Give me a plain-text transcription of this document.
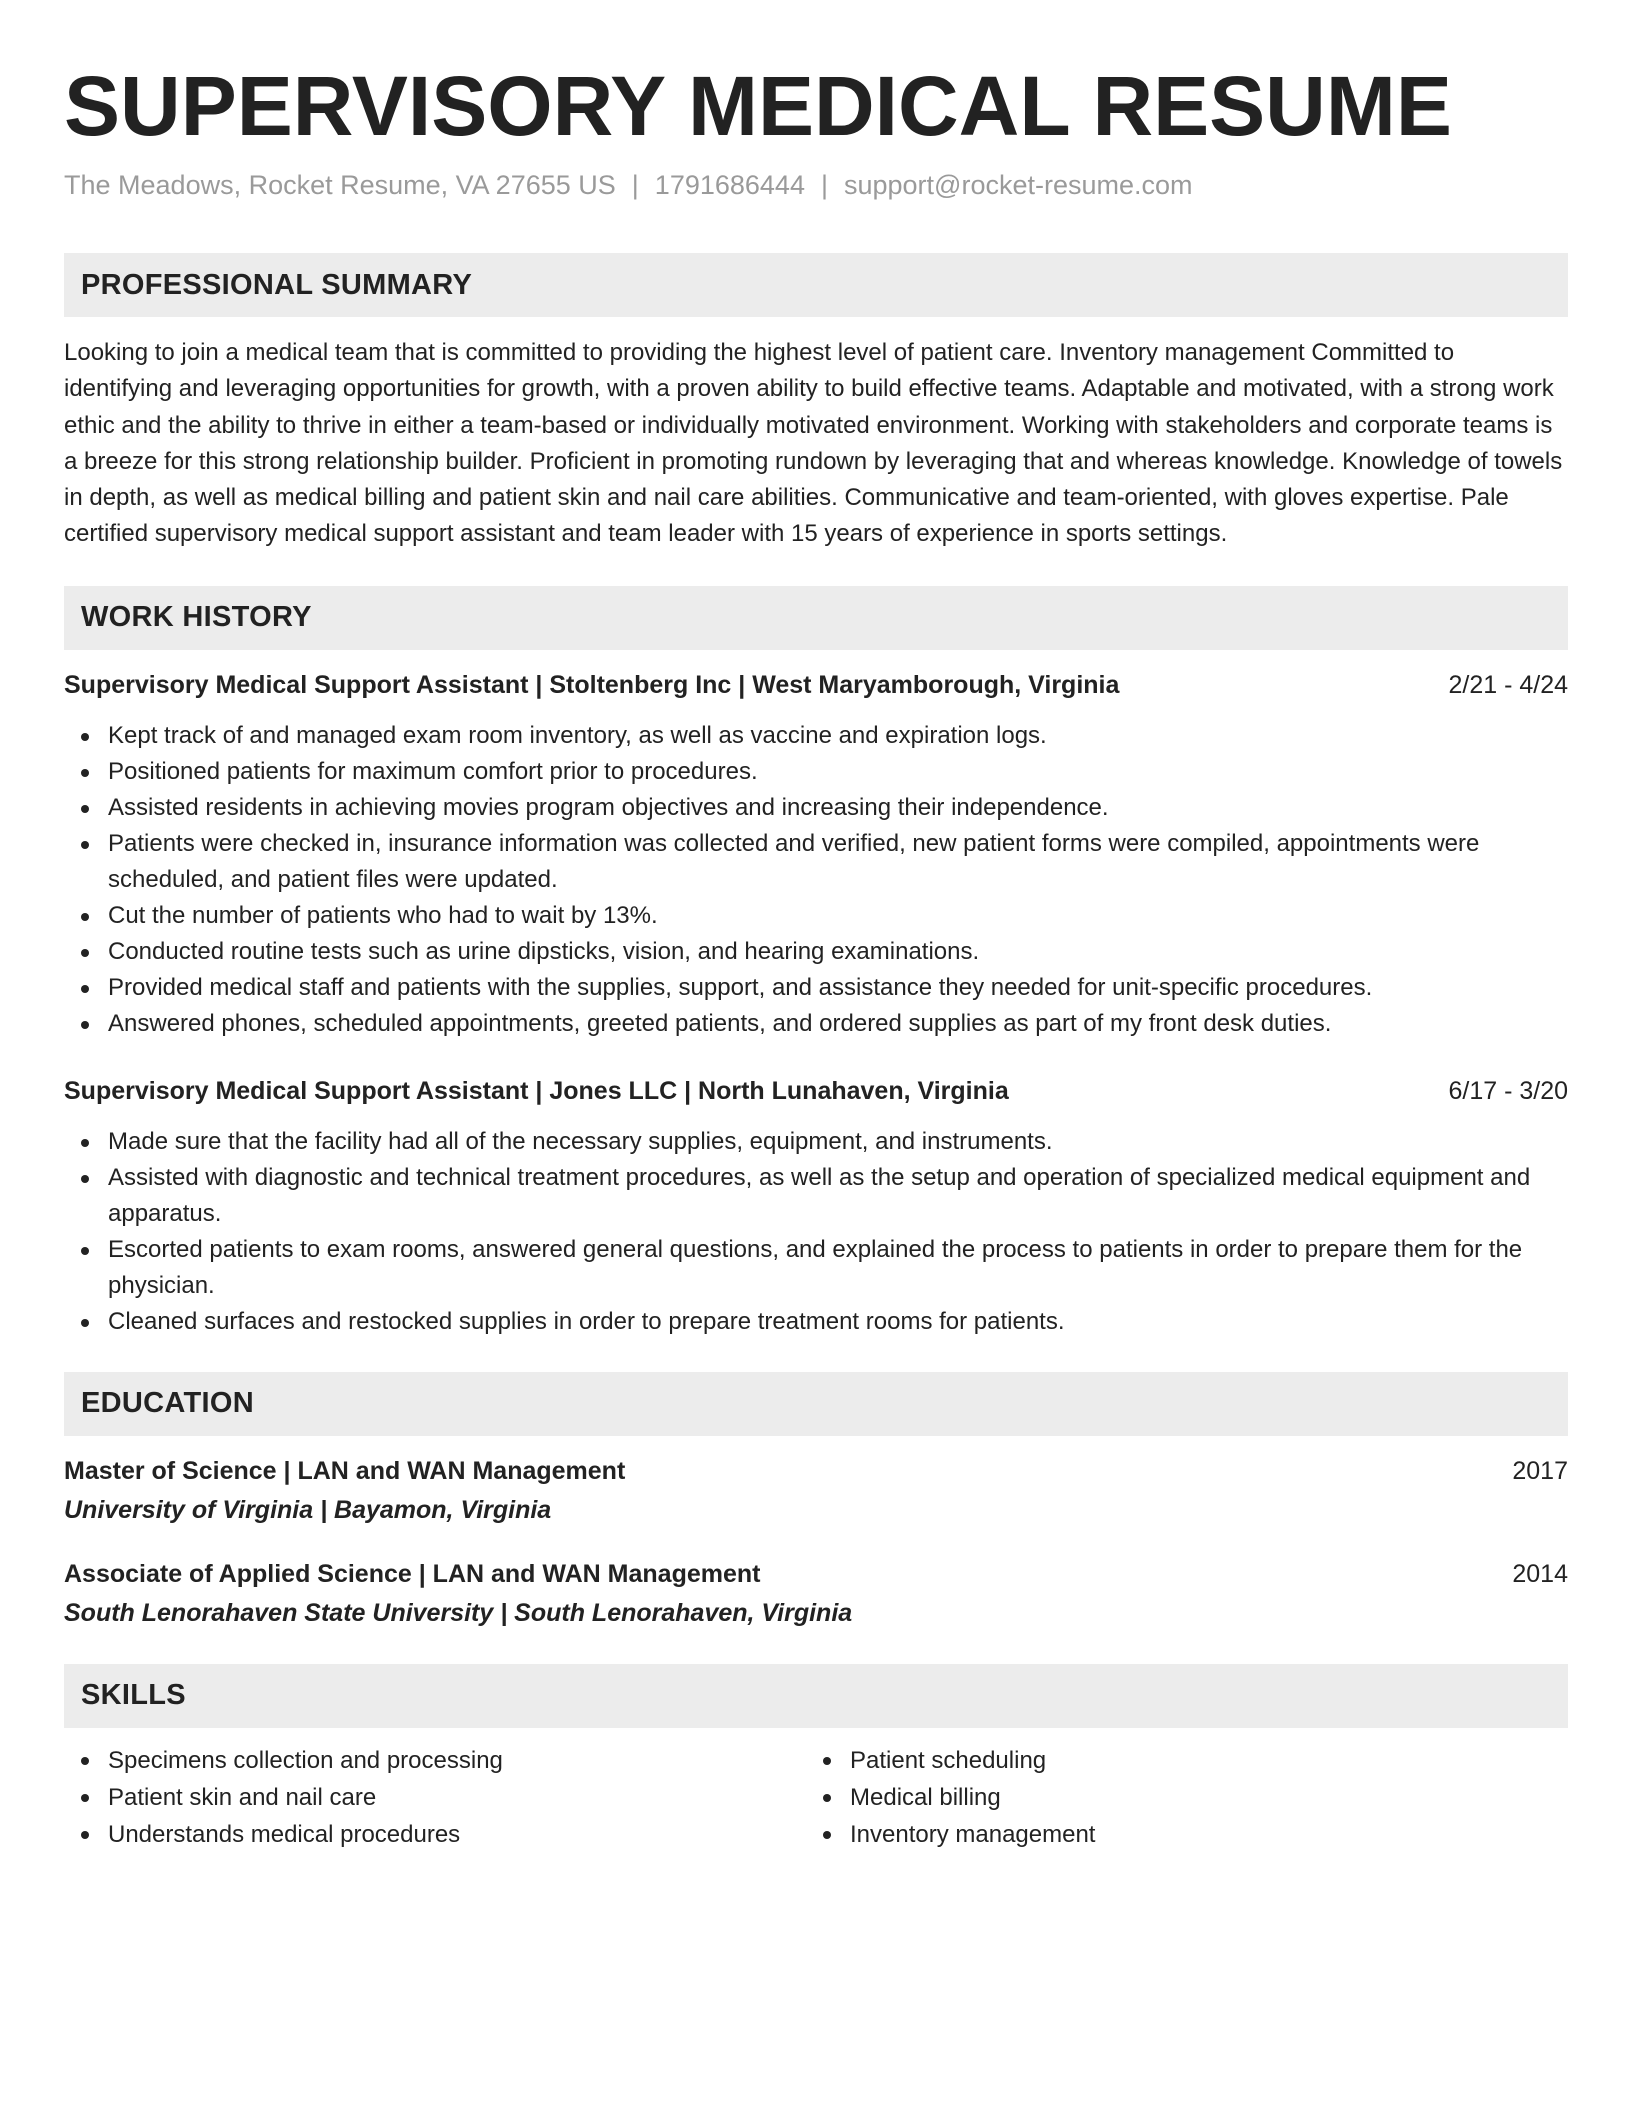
SUPERVISORY MEDICAL RESUME
The Meadows, Rocket Resume, VA 27655 US | 1791686444 | support@rocket-resume.com
PROFESSIONAL SUMMARY

Looking to join a medical team that is committed to providing the highest level of patient care. Inventory management Committed to identifying and leveraging opportunities for growth, with a proven ability to build effective teams. Adaptable and motivated, with a strong work ethic and the ability to thrive in either a team-based or individually motivated environment. Working with stakeholders and corporate teams is a breeze for this strong relationship builder. Proficient in promoting rundown by leveraging that and whereas knowledge. Knowledge of towels in depth, as well as medical billing and patient skin and nail care abilities. Communicative and team-oriented, with gloves expertise. Pale certified supervisory medical support assistant and team leader with 15 years of experience in sports settings.

WORK HISTORY
Supervisory Medical Support Assistant | Stoltenberg Inc | West Maryamborough, Virginia	2/21 - 4/24
Kept track of and managed exam room inventory, as well as vaccine and expiration logs.
Positioned patients for maximum comfort prior to procedures.
Assisted residents in achieving movies program objectives and increasing their independence.
Patients were checked in, insurance information was collected and verified, new patient forms were compiled, appointments were scheduled, and patient files were updated.
Cut the number of patients who had to wait by 13%.
Conducted routine tests such as urine dipsticks, vision, and hearing examinations.
Provided medical staff and patients with the supplies, support, and assistance they needed for unit-specific procedures.
Answered phones, scheduled appointments, greeted patients, and ordered supplies as part of my front desk duties.
Supervisory Medical Support Assistant | Jones LLC | North Lunahaven, Virginia	6/17 - 3/20
Made sure that the facility had all of the necessary supplies, equipment, and instruments.
Assisted with diagnostic and technical treatment procedures, as well as the setup and operation of specialized medical equipment and apparatus.
Escorted patients to exam rooms, answered general questions, and explained the process to patients in order to prepare them for the physician.
Cleaned surfaces and restocked supplies in order to prepare treatment rooms for patients.
EDUCATION
Master of Science | LAN and WAN Management	2017
University of Virginia | Bayamon, Virginia
Associate of Applied Science | LAN and WAN Management	2014
South Lenorahaven State University | South Lenorahaven, Virginia
SKILLS
Specimens collection and processing
Patient skin and nail care
Understands medical procedures
Patient scheduling
Medical billing
Inventory management
